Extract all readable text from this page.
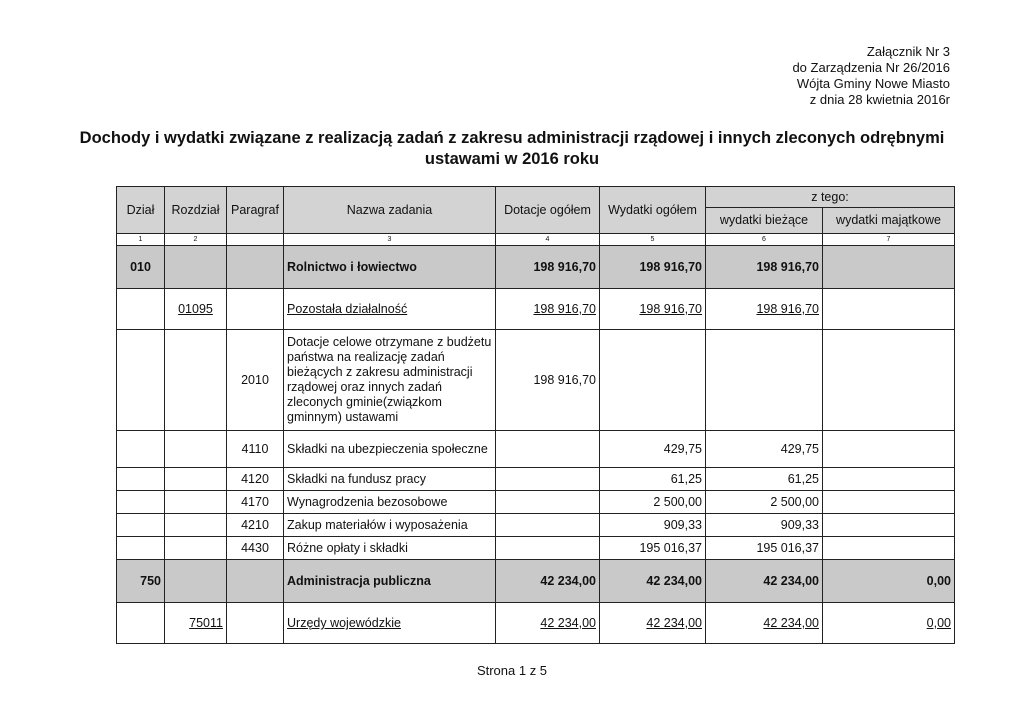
Załącznik Nr 3
do Zarządzenia Nr 26/2016
Wójta Gminy Nowe Miasto
z dnia 28 kwietnia 2016r
Dochody i wydatki związane z realizacją zadań z zakresu administracji rządowej i innych zleconych odrębnymi
ustawami w 2016 roku
Dział	Rozdział	Paragraf	Nazwa zadania	Dotacje ogółem	Wydatki ogółem	z tego:	
						wydatki bieżące	wydatki majątkowe
1	2		3	4	5	6	7
010			Rolnictwo i łowiectwo	198 916,70	198 916,70	198 916,70	
	01095		Pozostała działalność	198 916,70	198 916,70	198 916,70	
		2010	Dotacje celowe otrzymane z budżetu państwa na realizację zadań bieżących z zakresu administracji rządowej oraz innych zadań zleconych gminie(związkom gminnym) ustawami	198 916,70			
		4110	Składki na ubezpieczenia społeczne		429,75	429,75	
		4120	Składki na fundusz pracy		61,25	61,25	
		4170	Wynagrodzenia bezosobowe		2 500,00	2 500,00	
		4210	Zakup materiałów i wyposażenia		909,33	909,33	
		4430	Różne opłaty i składki		195 016,37	195 016,37	
750			Administracja publiczna	42 234,00	42 234,00	42 234,00	0,00
	75011		Urzędy wojewódzkie	42 234,00	42 234,00	42 234,00	0,00
Strona 1 z 5
